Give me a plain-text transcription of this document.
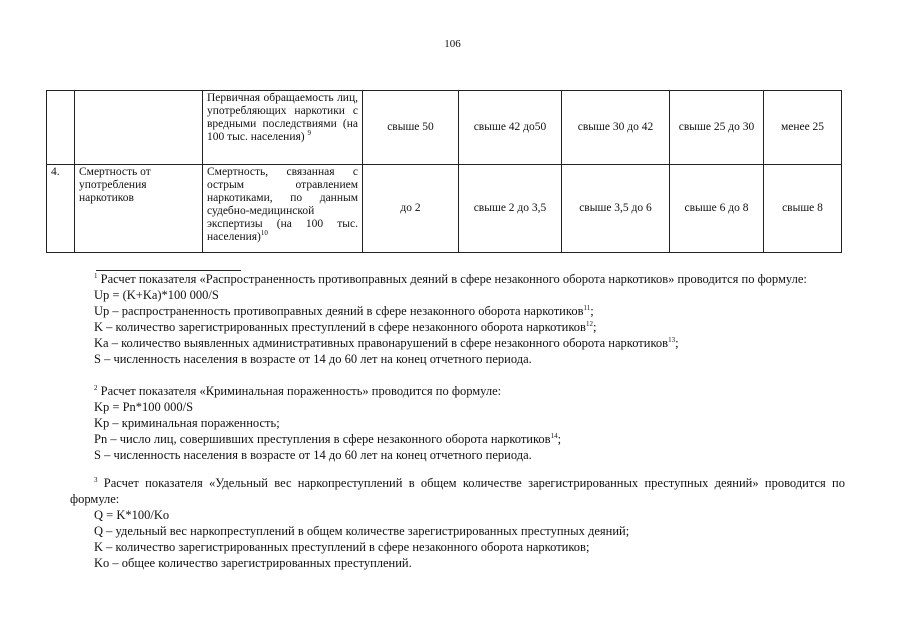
106
		Первичная обращаемость лиц, употребляющих наркотики с вредными последствиями (на 100 тыс. населения) $^9$	свыше 50	свыше 42 до50	свыше 30 до 42	свыше 25 до 30	менее 25
4.	Смертность от употребления наркотиков	Смертность, связанная с острым отравлением наркотиками, по данным судебно-медицинской экспертизы (на 100 тыс. населения)$^{10}$	до 2	свыше 2 до 3,5	свыше 3,5 до 6	свыше 6 до 8	свыше 8

$^1$ Расчет показателя «Распространенность противоправных деяний в сфере незаконного оборота наркотиков» проводится по формуле:

Up = (K+Ka)*100 000/S

Up – распространенность противоправных деяний в сфере незаконного оборота наркотиков$^{11}$;

K – количество зарегистрированных преступлений в сфере незаконного оборота наркотиков$^{12}$;

Ka – количество выявленных административных правонарушений в сфере незаконного оборота наркотиков$^{13}$;

S – численность населения в возрасте от 14 до 60 лет на конец отчетного периода.

$^2$ Расчет показателя «Криминальная пораженность» проводится по формуле:

Kp = Pn*100 000/S

Kp – криминальная пораженность;

Pn – число лиц, совершивших преступления в сфере незаконного оборота наркотиков$^{14}$;

S – численность населения в возрасте от 14 до 60 лет на конец отчетного периода.

$^3$ Расчет показателя «Удельный вес наркопреступлений в общем количестве зарегистрированных преступных деяний» проводится по формуле:

Q = K*100/Ko

Q – удельный вес наркопреступлений в общем количестве зарегистрированных преступных деяний;

K – количество зарегистрированных преступлений в сфере незаконного оборота наркотиков;

Ko – общее количество зарегистрированных преступлений.
